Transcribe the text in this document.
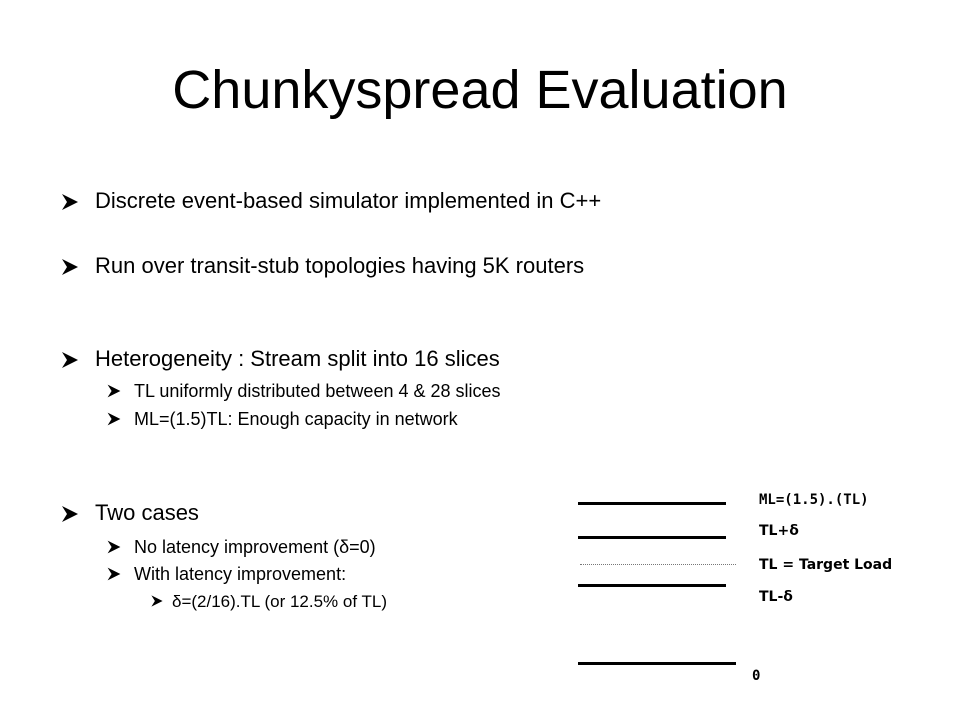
Chunkyspread Evaluation
Discrete event-based simulator implemented in C++
Run over transit-stub topologies having 5K routers
Heterogeneity : Stream split into 16 slices
TL uniformly distributed between 4 & 28 slices
ML=(1.5)TL: Enough capacity in network
Two cases
No latency improvement (δ=0)
With latency improvement:
δ=(2/16).TL (or 12.5% of TL)
ML=(1.5).(TL)
TL+δ
TL = Target Load
TL-δ
0
